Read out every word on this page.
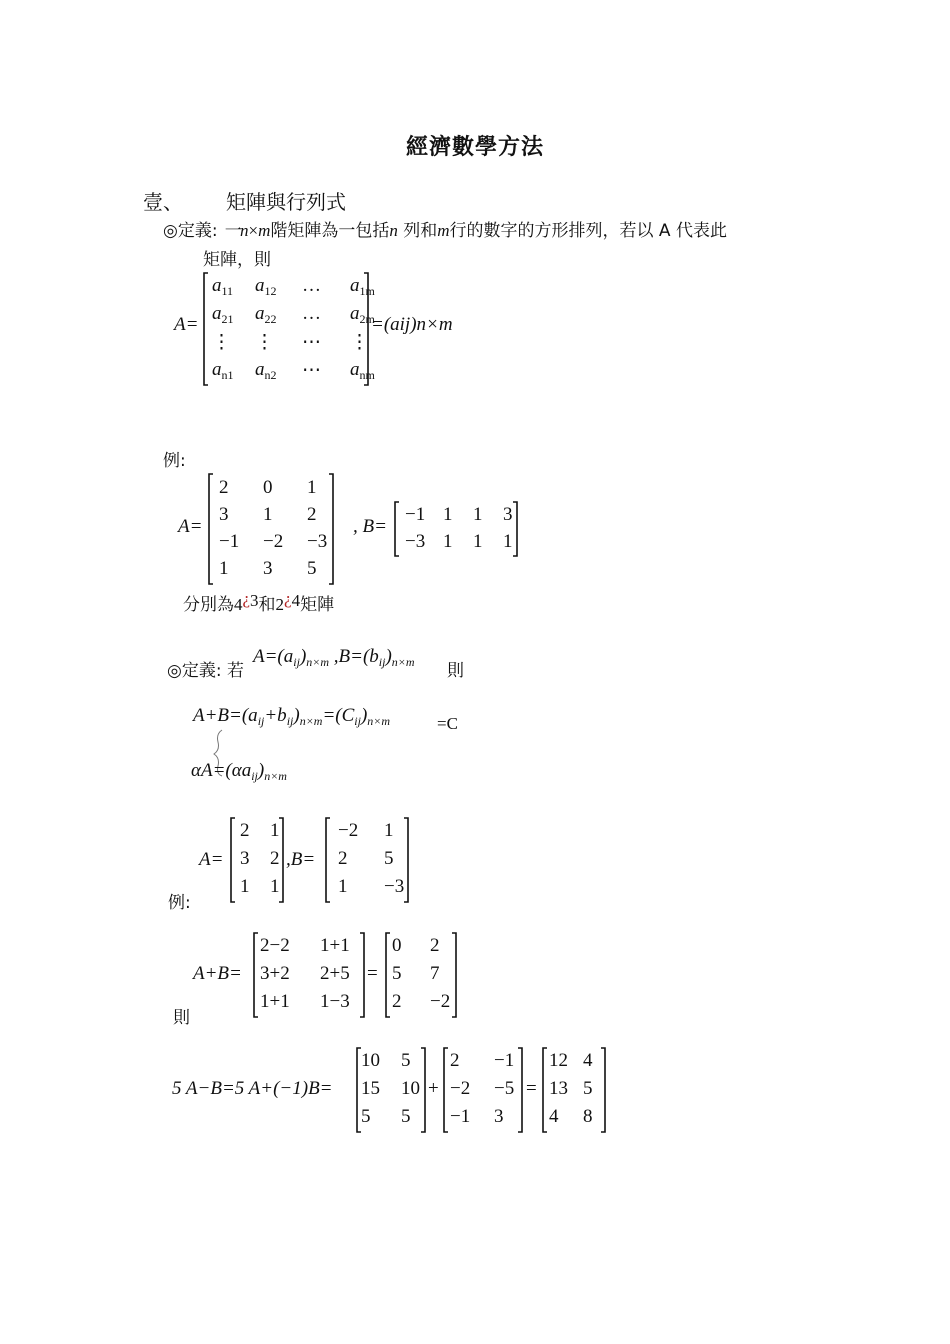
經濟數學方法
壹、 矩陣與行列式
◎定義: 一n×m階矩陣為一包括n 列和m行的數字的方形排列，若以 A 代表此
矩陣，則
A=
$a_{11}$ $a_{12}$ … $a_{1m}$
$a_{21}$ $a_{22}$ … $a_{2m}$
⋮ ⋮ ⋯ ⋮
$a_{n1}$ $a_{n2}$ ⋯ $a_{nm}$
=(aij)n×m
例:
A=
2 0 1
3 1 2
−1 −2 −3
1 3 5
, B=
−1 1 1 3
−3 1 1 1
分別為4¿3和2¿4矩陣
◎定義: 若
$A=(a_{ij})_{n\times m}$ $,B=(b_{ij})_{n\times m}$ 則
$A+B=(a_{ij}+b_{ij})_{n\times m}=(C_{ij})_{n\times m}$	=C
$\alpha A=(\alpha a_{ij})_{n\times m}$
A=
2 1
3 2
1 1
,B=
−2 1
2 5
1 −3
例:
A+B=
2−2 1+1
3+2 2+5
1+1 1−3
=
0 2
5 7
2 −2
則
5 A−B=5 A+(−1)B=
10 5
15 10
5 5
+
2 −1
−2 −5
−1 3
=
12 4
13 5
4 8
